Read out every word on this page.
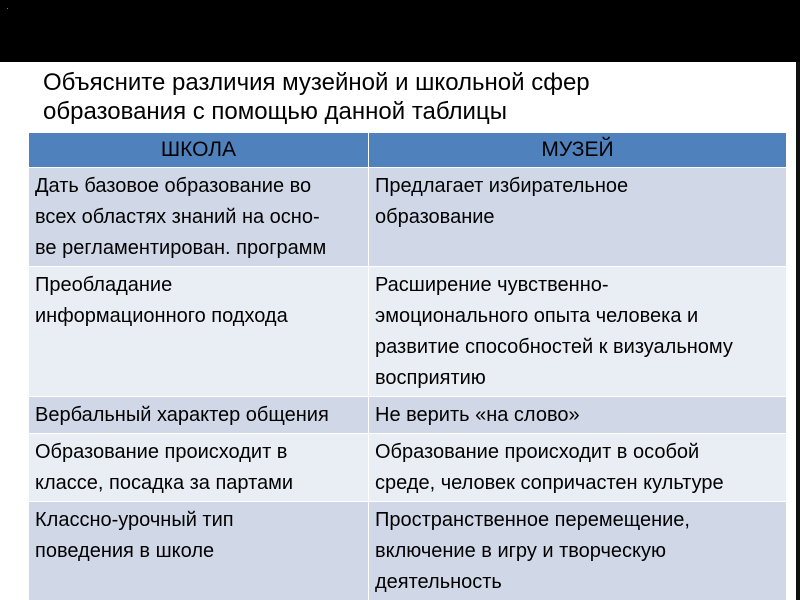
·
Объясните различия музейной и школьной сфер
образования с помощью данной таблицы
ШКОЛА	МУЗЕЙ

Дать базовое образование во
всех областях знаний на осно-
ве регламентирован. программ	Предлагает избирательное
образование

Преобладание
информационного подхода	Расширение чувственно-
эмоционального опыта человека и
развитие способностей к визуальному
восприятию

Вербальный характер общения	Не верить «на слово»

Образование происходит в
классе, посадка за партами	Образование происходит в особой
среде, человек сопричастен культуре

Классно-урочный тип
поведения в школе	Пространственное перемещение,
включение в игру и творческую
деятельность
